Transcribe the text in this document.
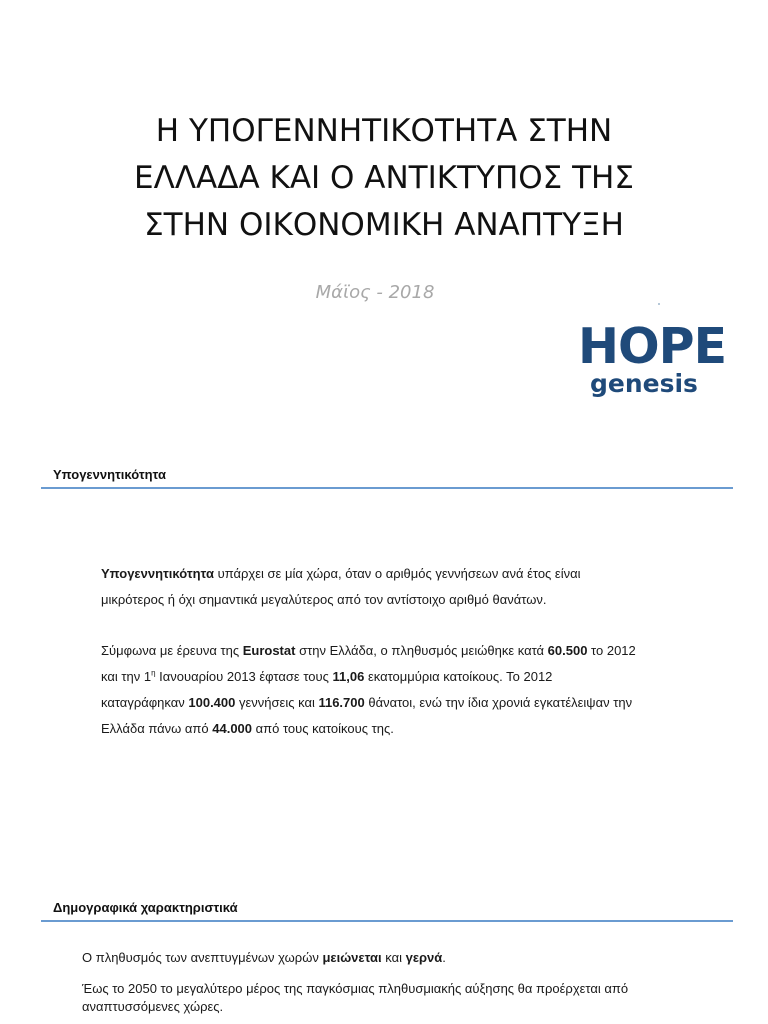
Η ΥΠΟΓΕΝΝΗΤΙΚΟΤΗΤΑ ΣΤΗΝ
ΕΛΛΑΔΑ ΚΑΙ Ο ΑΝΤΙΚΤΥΠΟΣ ΤΗΣ
ΣΤΗΝ ΟΙΚΟΝΟΜΙΚΗ ΑΝΑΠΤΥΞΗ
Μάϊος - 2018
HOPE
genesis
Υπογεννητικότητα

Υπογεννητικότητα υπάρχει σε μία χώρα, όταν ο αριθμός γεννήσεων ανά έτος είναι
μικρότερος ή όχι σημαντικά μεγαλύτερος από τον αντίστοιχο αριθμό θανάτων.

Σύμφωνα με έρευνα της Eurostat στην Ελλάδα, ο πληθυσμός μειώθηκε κατά 60.500 το 2012
και την $1^\eta$ Ιανουαρίου 2013 έφτασε τους 11,06 εκατομμύρια κατοίκους. Το 2012
καταγράφηκαν 100.400 γεννήσεις και 116.700 θάνατοι, ενώ την ίδια χρονιά εγκατέλειψαν την
Ελλάδα πάνω από 44.000 από τους κατοίκους της.

Δημογραφικά χαρακτηριστικά

Ο πληθυσμός των ανεπτυγμένων χωρών μειώνεται και γερνά.

Έως το 2050 το μεγαλύτερο μέρος της παγκόσμιας πληθυσμιακής αύξησης θα προέρχεται από
αναπτυσσόμενες χώρες.
